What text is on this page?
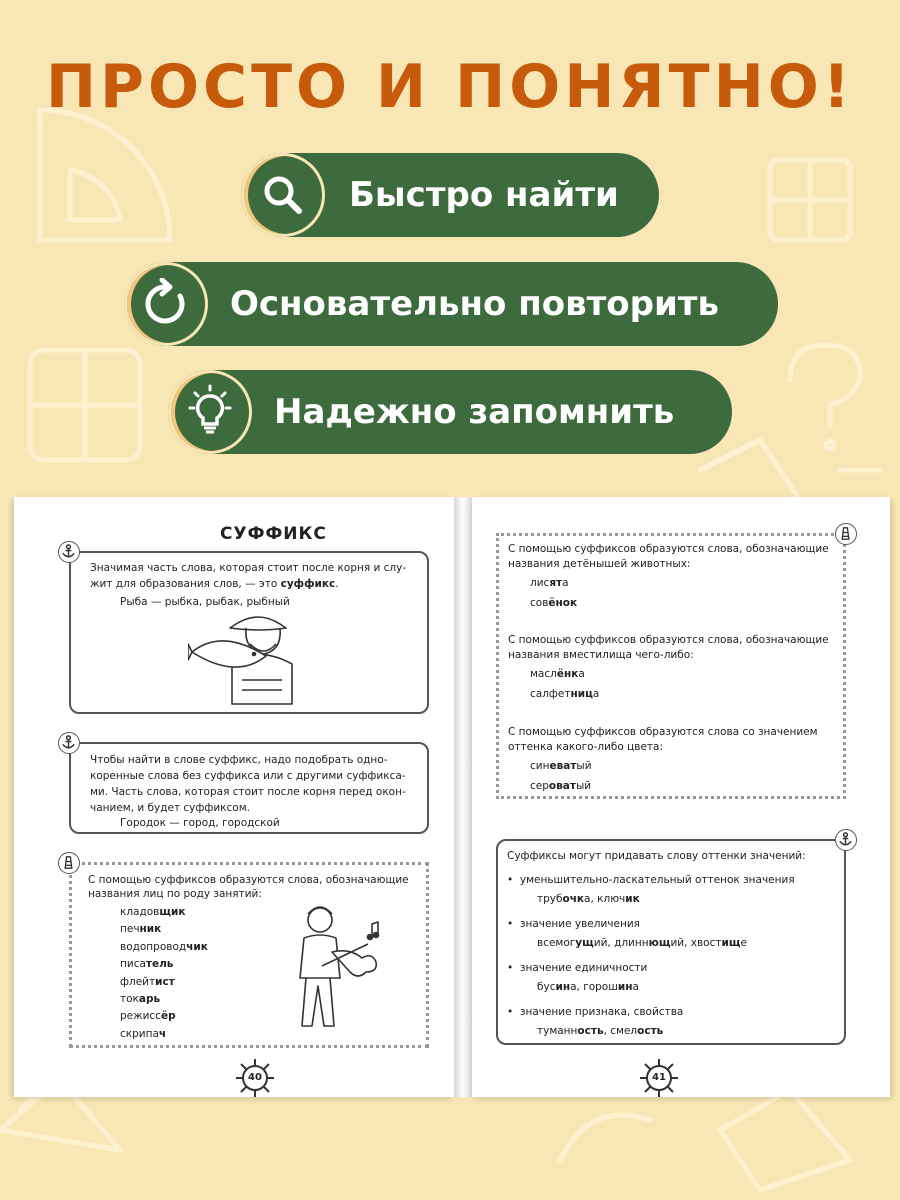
ПРОСТО И ПОНЯТНО!
Быстро найти
Основательно повторить
Надежно запомнить
СУФФИКС
Значимая часть слова, которая стоит после корня и слу-
жит для образования слов, — это суффикс.
Рыба — рыбка, рыбак, рыбный
Чтобы найти в слове суффикс, надо подобрать одно-
коренные слова без суффикса или с другими суффикса-
ми. Часть слова, которая стоит после корня перед окон-
чанием, и будет суффиксом.
Городок — город, городской
С помощью суффиксов образуются слова, обозначающие
названия лиц по роду занятий:
кладовщик
печник
водопроводчик
писатель
флейтист
токарь
режиссёр
скрипач
40
С помощью суффиксов образуются слова, обозначающие
названия детёнышей животных:
лисята
совёнок
С помощью суффиксов образуются слова, обозначающие
названия вместилища чего-либо:
маслёнка
салфетница
С помощью суффиксов образуются слова со значением
оттенка какого-либо цвета:
синеватый
сероватый
Суффиксы могут придавать слову оттенки значений:
•  уменьшительно-ласкательный оттенок значения
•  значение увеличения
•  значение единичности
•  значение признака, свойства
трубочка, ключик
всемогущий, длиннющий, хвостище
бусина, горошина
туманность, смелость
41
